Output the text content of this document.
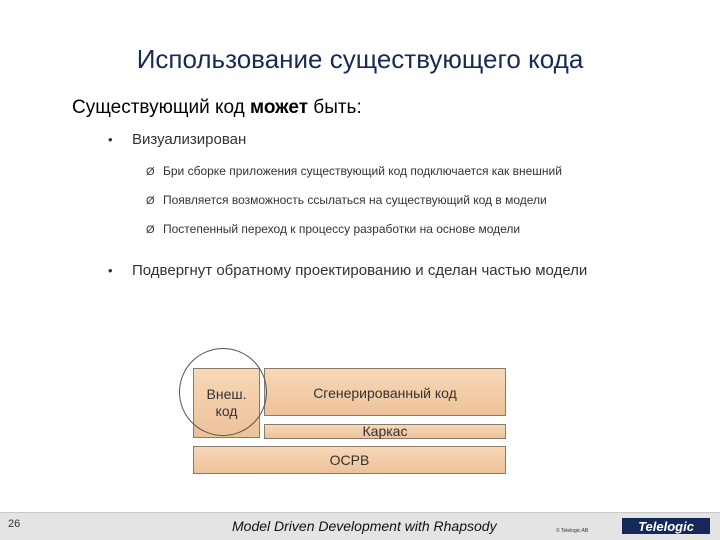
Использование существующего кода
Существующий код может быть:
•	Визуализирован
Ø Бри сборке приложения существующий код подключается как внешний
Ø Появляется возможность ссылаться на существующий код в модели
Ø Постепенный переход к процессу разработки на основе модели
•	Подвергнут обратному проектированию и сделан частью модели
Внеш.
код
Сгенерированный код
Каркас
ОСРВ
26	Model Driven Development with Rhapsody	© Telelogic AB	Telelogic
